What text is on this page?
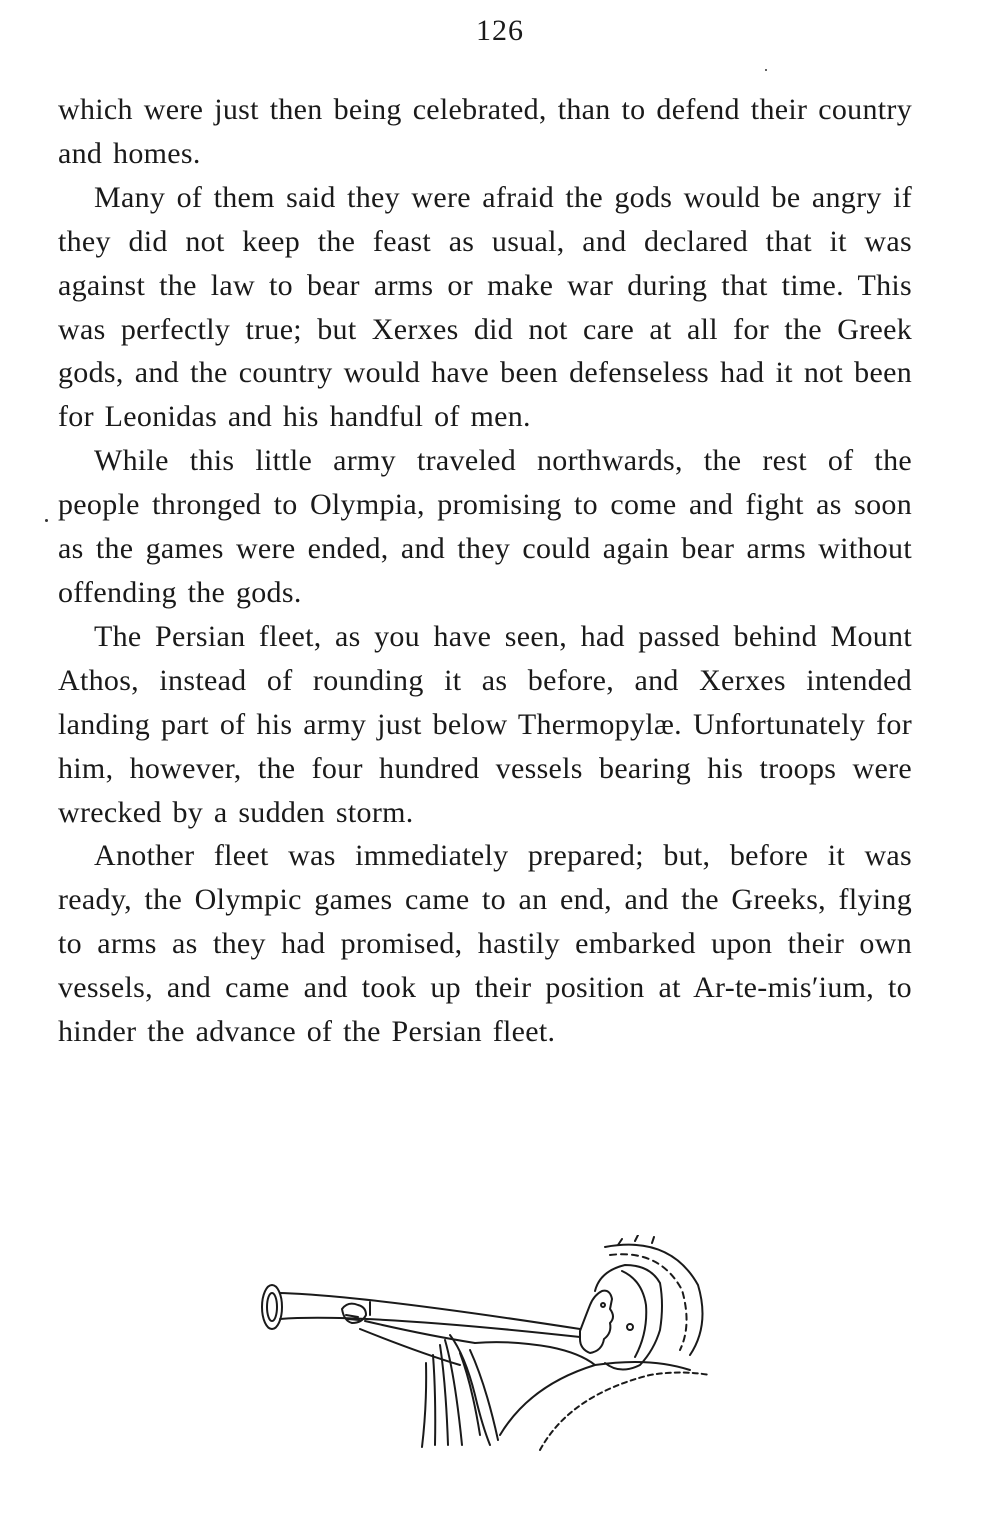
126

which were just then being celebrated, than to defend their country and homes.

Many of them said they were afraid the gods would be angry if they did not keep the feast as usual, and declared that it was against the law to bear arms or make war during that time. This was perfectly true; but Xerxes did not care at all for the Greek gods, and the country would have been defenseless had it not been for Leonidas and his handful of men.

While this little army traveled northwards, the rest of the people thronged to Olympia, promising to come and fight as soon as the games were ended, and they could again bear arms without offending the gods.

The Persian fleet, as you have seen, had passed behind Mount Athos, instead of rounding it as before, and Xerxes intended landing part of his army just below Thermopylæ. Unfortunately for him, however, the four hundred vessels bearing his troops were wrecked by a sudden storm.

Another fleet was immediately prepared; but, before it was ready, the Olympic games came to an end, and the Greeks, flying to arms as they had promised, hastily embarked upon their own vessels, and came and took up their position at Ar-te-mis′ium, to hinder the advance of the Persian fleet.
